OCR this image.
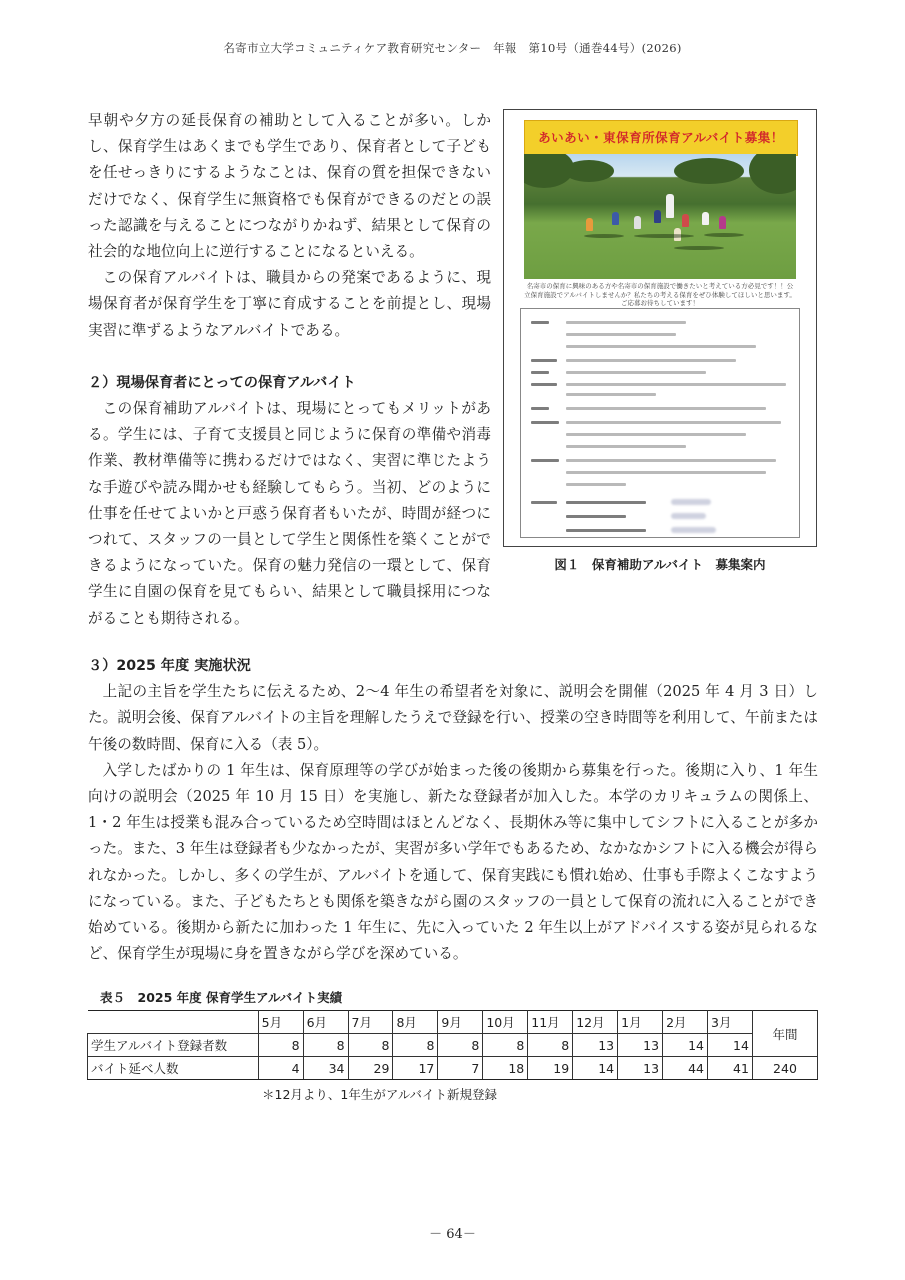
名寄市立大学コミュニティケア教育研究センター　年報　第10号（通巻44号）(2026)

早朝や夕方の延長保育の補助として入ることが多い。しかし、保育学生はあくまでも学生であり、保育者として子どもを任せっきりにするようなことは、保育の質を担保できないだけでなく、保育学生に無資格でも保育ができるのだとの誤った認識を与えることにつながりかねず、結果として保育の社会的な地位向上に逆行することになるといえる。

この保育アルバイトは、職員からの発案であるように、現場保育者が保育学生を丁寧に育成することを前提とし、現場実習に準ずるようなアルバイトである。

２）現場保育者にとっての保育アルバイト

この保育補助アルバイトは、現場にとってもメリットがある。学生には、子育て支援員と同じように保育の準備や消毒作業、教材準備等に携わるだけではなく、実習に準じたような手遊びや読み聞かせも経験してもらう。当初、どのように仕事を任せてよいかと戸惑う保育者もいたが、時間が経つにつれて、スタッフの一員として学生と関係性を築くことができるようになっていた。保育の魅力発信の一環として、保育学生に自園の保育を見てもらい、結果として職員採用につながることも期待される。

あいあい・東保育所保育アルバイト募集！
名寄市の保育に興味のある方や名寄市の保育施設で働きたいと考えている方必見です！！公立保育施設でアルバイトしませんか？私たちの考える保育をぜひ体験してほしいと思います。ご応募お待ちしています！
図１　保育補助アルバイト　募集案内

３）2025 年度 実施状況

上記の主旨を学生たちに伝えるため、2〜4 年生の希望者を対象に、説明会を開催（2025 年 4 月 3 日）した。説明会後、保育アルバイトの主旨を理解したうえで登録を行い、授業の空き時間等を利用して、午前または午後の数時間、保育に入る（表 5）。

入学したばかりの 1 年生は、保育原理等の学びが始まった後の後期から募集を行った。後期に入り、1 年生向けの説明会（2025 年 10 月 15 日）を実施し、新たな登録者が加入した。本学のカリキュラムの関係上、1・2 年生は授業も混み合っているため空時間はほとんどなく、長期休み等に集中してシフトに入ることが多かった。また、3 年生は登録者も少なかったが、実習が多い学年でもあるため、なかなかシフトに入る機会が得られなかった。しかし、多くの学生が、アルバイトを通して、保育実践にも慣れ始め、仕事も手際よくこなすようになっている。また、子どもたちとも関係を築きながら園のスタッフの一員として保育の流れに入ることができ始めている。後期から新たに加わった 1 年生に、先に入っていた 2 年生以上がアドバイスする姿が見られるなど、保育学生が現場に身を置きながら学びを深めている。

表５　2025 年度 保育学生アルバイト実績
	5月	6月	7月	8月	9月	10月	11月	12月	1月	2月	3月	年間
学生アルバイト登録者数	8	8	8	8	8	8	8	13	13	14	14	
バイト延べ人数	4	34	29	17	7	18	19	14	13	44	41	240
＊12月より、1年生がアルバイト新規登録
－ 64－
